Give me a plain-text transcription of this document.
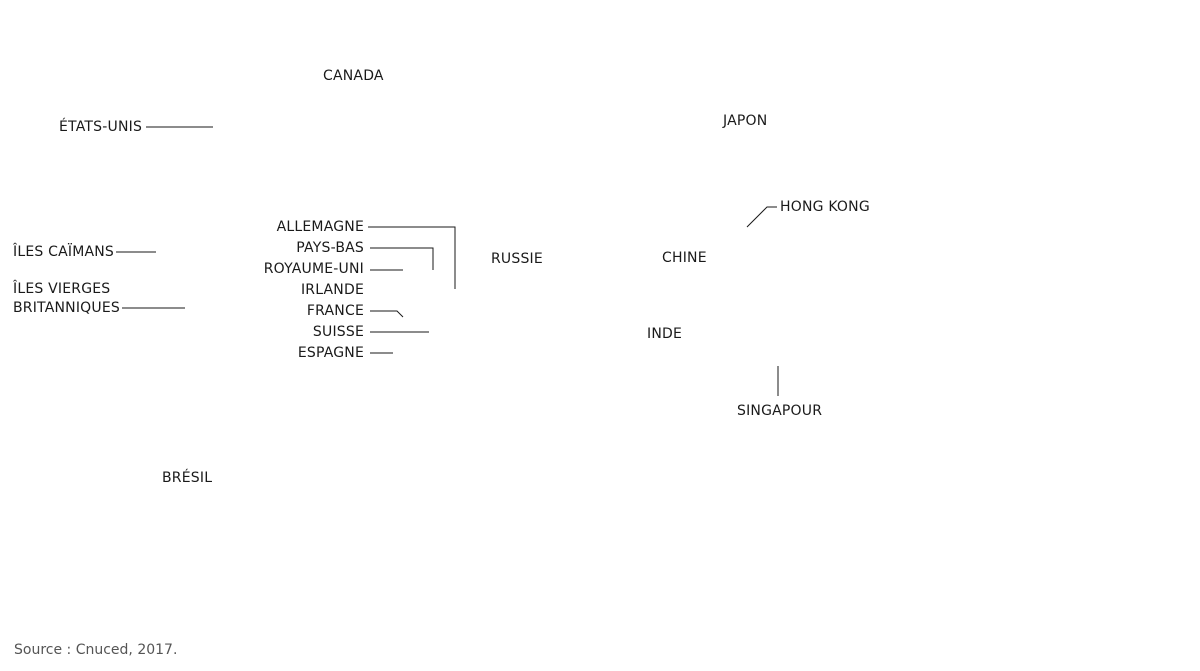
CANADA
ÉTATS-UNIS	JAPON
HONG KONG
ÎLES CAÏMANS
ÎLES VIERGES
BRITANNIQUES
ALLEMAGNE
PAYS-BAS
ROYAUME-UNI
IRLANDE
FRANCE
SUISSE
ESPAGNE
RUSSIE	CHINE
INDE
SINGAPOUR
BRÉSIL
Source : Cnuced, 2017.
